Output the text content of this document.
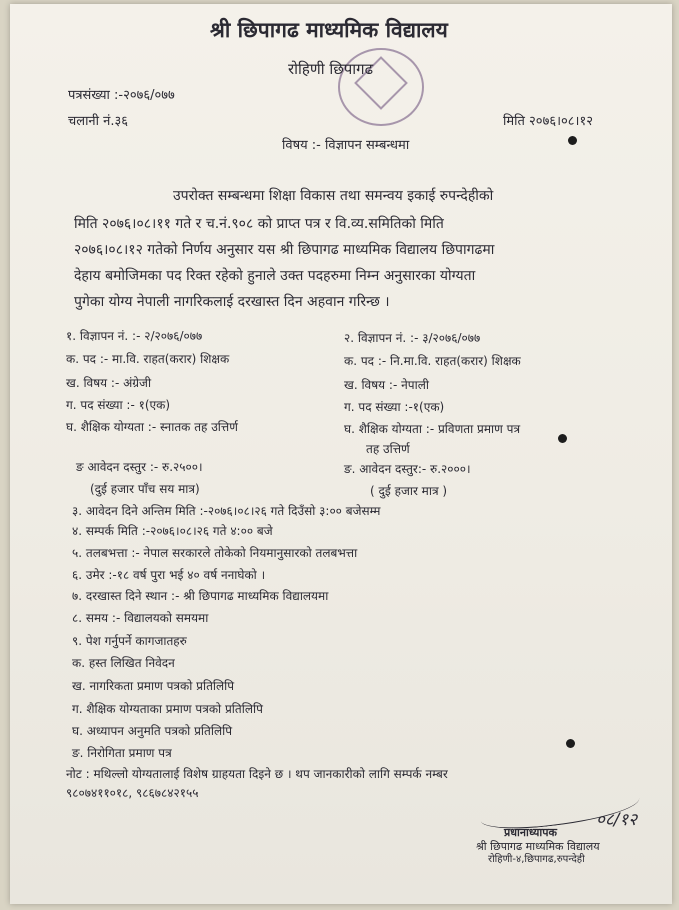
श्री छिपागढ माध्यमिक विद्यालय
रोहिणी छिपागढ
पत्रसंख्या :-२०७६/०७७
चलानी नं.३६	मिति २०७६।०८।१२
विषय :- विज्ञापन सम्बन्धमा
उपरोक्त सम्बन्धमा शिक्षा विकास तथा समन्वय इकाई रुपन्देहीको
मिति २०७६।०८।११ गते र च.नं.९०८ को प्राप्त पत्र र वि.व्य.समितिको मिति
२०७६।०८।१२ गतेको निर्णय अनुसार यस श्री छिपागढ माध्यमिक विद्यालय छिपागढमा
देहाय बमोजिमका पद रिक्त रहेको हुनाले उक्त पदहरुमा निम्न अनुसारका योग्यता
पुगेका योग्य नेपाली नागरिकलाई दरखास्त दिन अहवान गरिन्छ ।
१. विज्ञापन नं. :- २/२०७६/०७७
क. पद :- मा.वि. राहत(करार) शिक्षक
ख. विषय :- अंग्रेजी
ग. पद संख्या :- १(एक)
घ. शैक्षिक योग्यता :- स्नातक तह उत्तिर्ण
ङ आवेदन दस्तुर :- रु.२५००।
(दुई हजार पाँच सय मात्र)
२. विज्ञापन नं. :- ३/२०७६/०७७
क. पद :- नि.मा.वि. राहत(करार) शिक्षक
ख. विषय :- नेपाली
ग. पद संख्या :-१(एक)
घ. शैक्षिक योग्यता :- प्रविणता प्रमाण पत्र
तह उत्तिर्ण
ङ. आवेदन दस्तुर:- रु.२०००।
( दुई हजार मात्र )
३. आवेदन दिने अन्तिम मिति :-२०७६।०८।२६ गते दिउँसो ३:०० बजेसम्म
४. सम्पर्क मिति :-२०७६।०८।२६ गते ४:०० बजे
५. तलबभत्ता :- नेपाल सरकारले तोकेको नियमानुसारको तलबभत्ता
६. उमेर :-१८ वर्ष पुरा भई ४० वर्ष ननाघेको ।
७. दरखास्त दिने स्थान :- श्री छिपागढ माध्यमिक विद्यालयमा
८. समय :- विद्यालयको समयमा
९. पेश गर्नुपर्ने कागजातहरु
क. हस्त लिखित निवेदन
ख. नागरिकता प्रमाण पत्रको प्रतिलिपि
ग. शैक्षिक योग्यताका प्रमाण पत्रको प्रतिलिपि
घ. अध्यापन अनुमति पत्रको प्रतिलिपि
ङ. निरोगिता प्रमाण पत्र
नोट : मथिल्लो योग्यतालाई विशेष ग्राहयता दिइने छ । थप जानकारीको लागि सम्पर्क नम्बर
९८०७४११०१८, ९८६७८४२१५५
०८/१२
प्रधानाध्यापक
श्री छिपागढ माध्यमिक विद्यालय
रोहिणी-४,छिपागढ,रुपन्देही
